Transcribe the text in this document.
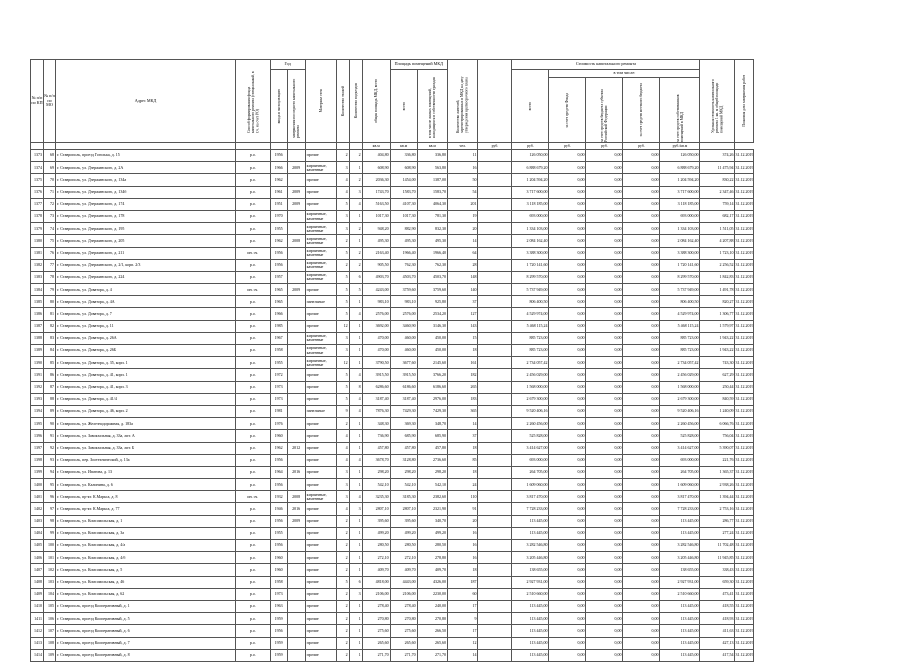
№ п/п по КП	№ п/п по МО	Адрес МКД	Способ формирования фонда капитального ремонта (специальный, в т.ч. на счет РО)	Год		Материал стен	Количество этажей	Количество подъездов	общая площадь МКД, всего	Площадь помещений МКД		Количество жителей, зарегистрированных в МКД на дату утверждения краткосрочного плана		Стоимость капитального ремонта					Удельная стоимость капитального ремонта 1 кв. м общей площади помещений МКД	Плановая дата завершения работ

				ввода в эксплуатацию	завершения последнего капитального ремонта					всего	в том числе жилых помещений, находящихся в собственности граждан			всего	в том числе:					

															за счет средств Фонда	за счет средств бюджета субъекта Российской Федерации	за счет средств местного бюджета	за счет средств собственников помещений в МКД		

									кв.м	кв.м	кв.м	чел.	руб.	руб.	руб.	руб.	руб.	руб./кв.м		
1373	68	г. Ставрополь, проезд Гоголька, д. 15	р.о.	1956		прочие	2	2	404,80	336,80	336,80	11		126 050,00	0,00	0,00	0,00	126 050,00	374,26	31.12.2019
1374	69	г. Ставрополь, ул. Дзержинского, д. 2А	р.о.	1966	2009	кирпичные, каменные	3	1	608,90	608,90	563,80	16		6 888 679,20	0,00	0,00	0,00	6 888 679,20	11 475,94	31.12.2019
1375	70	г. Ставрополь, ул. Дзержинского, д. 134а	р.о.	1962		прочие	4	2	2036,30	1454,00	1387,00	50		1 204 594,20	0,00	0,00	0,00	1 204 594,20	830,22	31.12.2019
1376	71	г. Ставрополь, ул. Дзержинского, д. 134б	р.о.	1961	2009	прочие	4	3	1743,70	1583,70	1583,70	54		3 717 600,00	0,00	0,00	0,00	3 717 600,00	2 347,46	31.12.2019
1377	72	г. Ставрополь, ул. Дзержинского, д. 174	р.о.	1951	2009	прочие	5	4	5163,50	4107,30	4064,30	201		3 118 185,00	0,00	0,00	0,00	3 118 185,00	759,14	31.12.2019
1378	73	г. Ставрополь, ул. Дзержинского, д. 178	р.о.	1970		кирпичные, каменные	3	1	1017,30	1017,30	781,30	19		693 000,00	0,00	0,00	0,00	693 000,00	682,17	31.12.2019
1379	74	г. Ставрополь, ул. Дзержинского, д. 195	р.о.	1955		кирпичные, каменные	3	2	948,20	882,90	832,30	20		1 334 103,00	0,00	0,00	0,00	1 334 103,00	1 511,05	31.12.2019
1380	75	г. Ставрополь, ул. Дзержинского, д. 205	р.о.	1962	2008	кирпичные, каменные	2	1	495,30	495,30	495,30	14		2 084 162,40	0,00	0,00	0,00	2 084 162,40	4 207,88	31.12.2019
1381	76	г. Ставрополь, ул. Дзержинского, д. 211	ин. сч.	1956		кирпичные, каменные	5	2	2163,40	1966,40	1966,40	64		3 388 300,00	0,00	0,00	0,00	3 388 300,00	1 723,10	31.12.2019
1382	77	г. Ставрополь, ул. Дзержинского, д. 2/1, корп. 2/3	р.о.	1956		кирпичные, каменные	2	2	905,50	762,30	762,30	28		1 720 141,60	0,00	0,00	0,00	1 720 141,60	2 256,52	31.12.2019
1383	78	г. Ставрополь, ул. Дзержинского, д. 224	р.о.	1957		кирпичные, каменные	5	6	4903,70	4503,70	4503,70	148		8 299 570,00	0,00	0,00	0,00	8 299 570,00	1 842,83	31.12.2019
1384	79	г. Ставрополь, ул. Доватора, д. 4	ин. сч.	1965	2009	прочие	5	5	4243,00	3759,60	3759,60	140		5 737 949,00	0,00	0,00	0,00	5 737 949,00	1 491,78	31.12.2019
1385	80	г. Ставрополь, ул. Доватора, д. 4А	р.о.	1965		панельные	5	1	983,10	983,10	925,80	37		806 400,50	0,00	0,00	0,00	806 400,50	820,27	31.12.2019
1386	81	г. Ставрополь, ул. Доватора, д. 7	р.о.	1966		прочие	5	4	2576,00	2576,00	2534,20	127		4 529 974,00	0,00	0,00	0,00	4 529 974,00	1 306,77	31.12.2019
1387	82	г. Ставрополь, ул. Доватора, д. 11	р.о.	1985		прочие	12	1	3692,00	3460,90	3146,30	143		5 468 115,24	0,00	0,00	0,00	5 468 115,24	1 579,97	31.12.2019
1388	83	г. Ставрополь, ул. Доватора, д. 26А	р.о.	1967		кирпичные, каменные	3	1	470,00	460,00	450,00	15		885 723,00	0,00	0,00	0,00	885 723,00	1 943,22	31.12.2019
1389	84	г. Ставрополь, ул. Доватора, д. 26Б	р.о.	1958		кирпичные, каменные	3	1	470,00	460,00	450,00	18		885 723,00	0,00	0,00	0,00	885 723,00	1 943,22	31.12.2019
1390	85	г. Ставрополь, ул. Доватора, д. 35, корп. 1	р.о.	1955		кирпичные, каменные	12	1	3790,50	3677,60	2145,60	161		2 734 057,42	0,00	0,00	0,00	2 734 057,42	743,30	31.12.2019
1391	86	г. Ставрополь, ул. Доватора, д. 41, корп. 1	р.о.	1972		прочие	5	4	3915,50	3915,50	3766,20	182		2 456 029,00	0,00	0,00	0,00	2 456 029,00	627,29	31.12.2019
1392	87	г. Ставрополь, ул. Доватора, д. 41, корп. 3	р.о.	1973		прочие	5	8	6286,60	6186,60	6186,60	265		1 568 000,00	0,00	0,00	0,00	1 568 000,00	250,44	31.12.2019
1393	88	г. Ставрополь, ул. Доватора, д. 41/4	р.о.	1973		прочие	5	4	3187,40	3187,40	2976,00	183		2 679 300,00	0,00	0,00	0,00	2 679 300,00	840,59	31.12.2019
1394	89	г. Ставрополь, ул. Доватора, д. 46, корп. 2	р.о.	1981		панельные	9	4	7876,30	7429,30	7429,30	365		9 520 406,16	0,00	0,00	0,00	9 520 406,16	1 240,09	31.12.2019
1395	90	г. Ставрополь, ул. Железнодорожная, д. 183а	р.о.	1976		прочие	2	1	348,30	369,30	348,70	14		2 260 456,00	0,00	0,00	0,00	2 260 456,00	6 066,76	31.12.2019
1396	91	г. Ставрополь, ул. Завокзальная, д. 33а, лит. А	р.о.	1960		прочие	4	1	736,90	685,90	685,90	37		525 828,00	0,00	0,00	0,00	525 828,00	756,04	31.12.2019
1397	92	г. Ставрополь, ул. Завокзальная, д. 33а, лит. Б	р.о.	1962	2012	прочие	4	1	457,80	457,80	457,80	18		3 414 627,00	0,00	0,00	0,00	3 414 627,00	5 390,07	31.12.2019
1398	93	г. Ставрополь, пер. Зоотехнический, д. 13а	р.о.	1956		прочие	4	4	3678,70	3128,80	2736,60	85		693 000,00	0,00	0,00	0,00	693 000,00	221,76	31.12.2019
1399	94	г. Ставрополь, ул. Ипатова, д. 13	р.о.	1964	2016	прочие	3	1	298,20	298,20	298,20	18		264 705,00	0,00	0,00	0,00	264 705,00	1 365,37	31.12.2019
1400	95	г. Ставрополь, ул. Калинина, д. 6	р.о.	1956		прочие	3	1	542,10	542,10	542,10	24		1 609 060,00	0,00	0,00	0,00	1 609 060,00	2 938,26	31.12.2019
1401	96	г. Ставрополь, пр-кт. К.Маркса, д. 8	ин. сч.	1932	2008	кирпичные, каменные	3	4	3235,30	3185,30	2382,60	110		3 817 470,00	0,00	0,00	0,00	3 817 470,00	1 394,44	31.12.2019
1402	97	г. Ставрополь, пр-кт. К.Маркса, д. 77	р.о.	1946	2016	прочие	4	3	2807,10	2807,10	2321,90	91		7 728 233,00	0,00	0,00	0,00	7 728 233,00	2 753,16	31.12.2019
1403	98	г. Ставрополь, ул. Комсомольская, д. 1	р.о.	1956	2009	прочие	2	1	395,60	395,60	340,70	20		113 445,00	0,00	0,00	0,00	113 445,00	286,77	31.12.2019
1404	99	г. Ставрополь, ул. Комсомольская, д. 3а	р.о.	1955		прочие	2	1	499,20	499,20	499,20	16		113 445,00	0,00	0,00	0,00	113 445,00	277,24	31.12.2019
1405	100	г. Ставрополь, ул. Комсомольская, д. 4/а	р.о.	1956		прочие	2	1	280,50	280,50	280,50	16		3 282 546,80	0,00	0,00	0,00	3 282 546,80	11 702,48	31.12.2019
1406	101	г. Ставрополь, ул. Комсомольская, д. 4/б	р.о.	1960		прочие	2	1	272,10	272,10	278,80	16		3 205 446,80	0,00	0,00	0,00	3 205 446,80	11 945,85	31.12.2019
1407	102	г. Ставрополь, ул. Комсомольская, д. 5	р.о.	1960		прочие	2	1	409,70	409,70	409,70	18		138 655,00	0,00	0,00	0,00	138 655,00	338,43	31.12.2019
1408	103	г. Ставрополь, ул. Комсомольская, д. 46	р.о.	1958		прочие	5	6	4818,00	4443,00	4326,00	187		2 927 931,00	0,00	0,00	0,00	2 927 931,00	659,30	31.12.2019
1409	104	г. Ставрополь, ул. Комсомольская, д. 62	р.о.	1973		прочие	2	3	2106,00	2106,00	2230,00	60		2 510 660,00	0,00	0,00	0,00	2 510 660,00	473,41	31.12.2019
1410	105	г. Ставрополь, проезд Кооперативный, д. 1	р.о.	1963		прочие	2	1	278,40	278,40	240,00	17		113 445,00	0,00	0,00	0,00	113 445,00	418,55	31.12.2019
1411	106	г. Ставрополь, проезд Кооперативный, д. 5	р.о.	1959		прочие	2	1	270,80	270,80	270,80	9		113 445,00	0,00	0,00	0,00	113 445,00	418,93	31.12.2019
1412	107	г. Ставрополь, проезд Кооперативный, д. 6	р.о.	1956		прочие	2	1	275,60	275,60	266,50	17		113 445,00	0,00	0,00	0,00	113 445,00	411,63	31.12.2019
1413	108	г. Ставрополь, проезд Кооперативный, д. 7	р.о.	1959		прочие	2	1	265,60	265,60	265,60	12		113 445,00	0,00	0,00	0,00	113 445,00	427,13	31.12.2019
1414	109	г. Ставрополь, проезд Кооперативный, д. 8	р.о.	1959		прочие	2	1	271,70	271,70	271,70	14		113 445,00	0,00	0,00	0,00	113 445,00	417,54	31.12.2019
